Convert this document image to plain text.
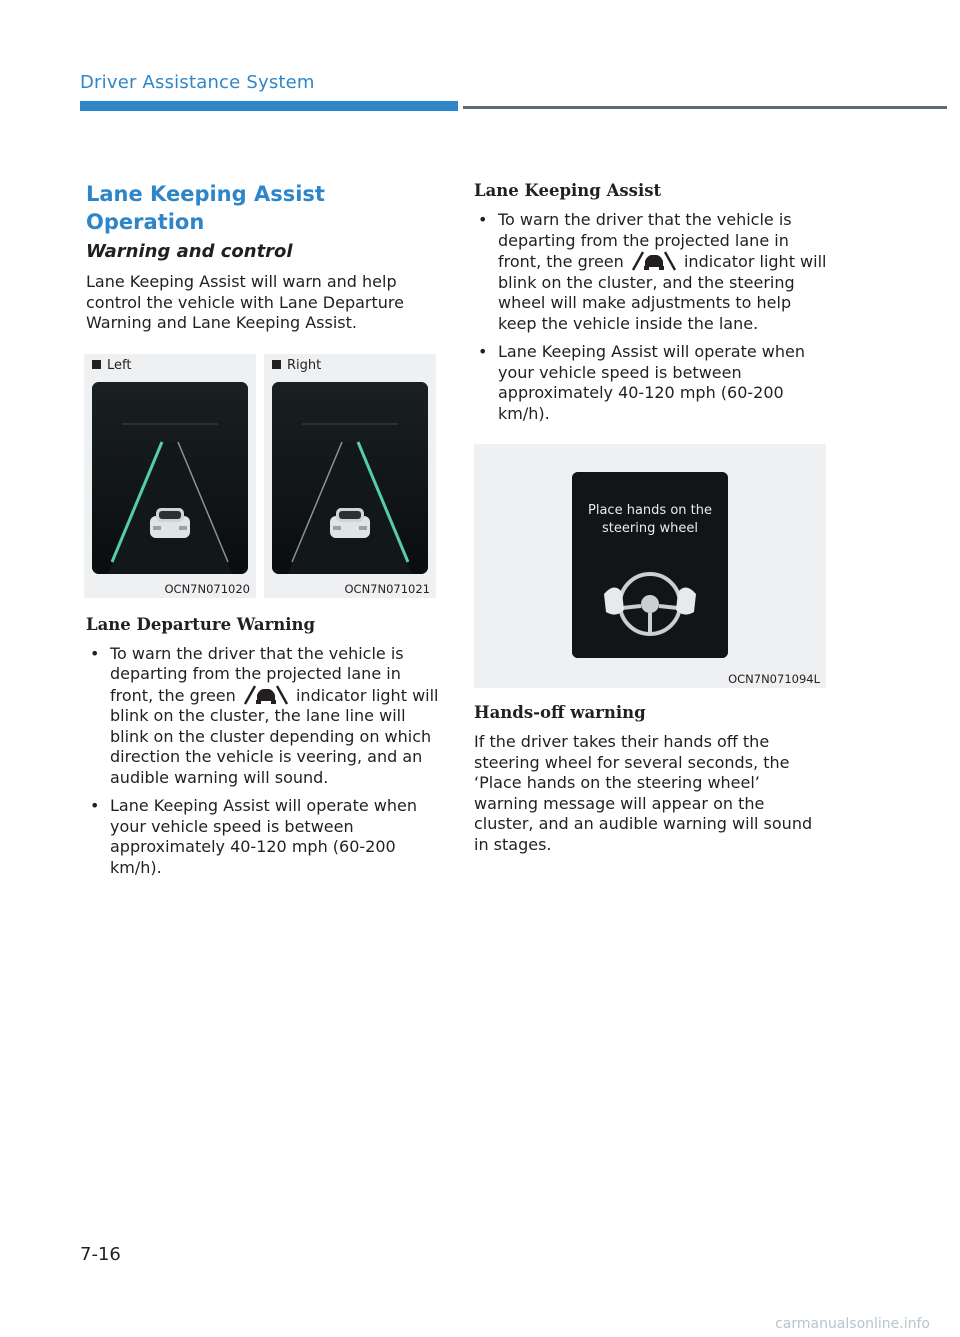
Driver Assistance System
Lane Keeping Assist Operation
Warning and control

Lane Keeping Assist will warn and help control the vehicle with Lane Departure Warning and Lane Keeping Assist.

Left
OCN7N071020
Right
OCN7N071021
Lane Departure Warning
• To warn the driver that the vehicle is departing from the projected lane in front, the green	indicator light will blink on the cluster, the lane line will blink on the cluster depending on which direction the vehicle is veering, and an audible warning will sound.
• Lane Keeping Assist will operate when your vehicle speed is between approximately 40-120 mph (60-200 km/h).
Lane Keeping Assist
• To warn the driver that the vehicle is departing from the projected lane in front, the green	indicator light will blink on the cluster, and the steering wheel will make adjustments to help keep the vehicle inside the lane.
• Lane Keeping Assist will operate when your vehicle speed is between approximately 40-120 mph (60-200 km/h).
Place hands on the
steering wheel
OCN7N071094L
Hands-off warning

If the driver takes their hands off the steering wheel for several seconds, the ‘Place hands on the steering wheel’ warning message will appear on the cluster, and an audible warning will sound in stages.

7-16
carmanualsonline.info
